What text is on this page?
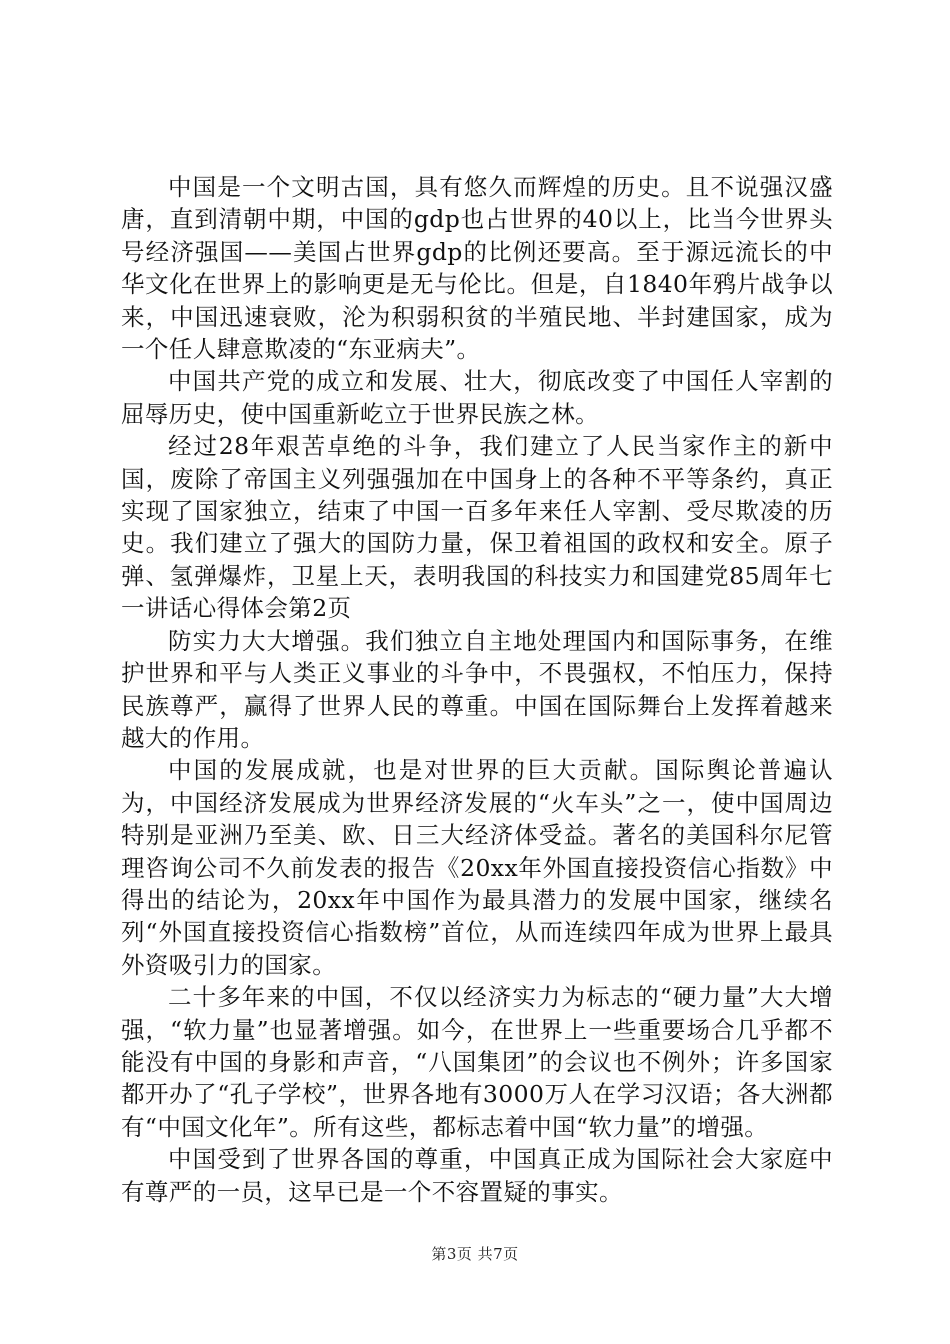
中国是一个文明古国，具有悠久而辉煌的历史。且不说强汉盛唐，直到清朝中期，中国的gdp也占世界的40以上，比当今世界头号经济强国——美国占世界gdp的比例还要高。至于源远流长的中华文化在世界上的影响更是无与伦比。但是，自1840年鸦片战争以来，中国迅速衰败，沦为积弱积贫的半殖民地、半封建国家，成为一个任人肆意欺凌的“东亚病夫”。

中国共产党的成立和发展、壮大，彻底改变了中国任人宰割的屈辱历史，使中国重新屹立于世界民族之林。

经过28年艰苦卓绝的斗争，我们建立了人民当家作主的新中国，废除了帝国主义列强强加在中国身上的各种不平等条约，真正实现了国家独立，结束了中国一百多年来任人宰割、受尽欺凌的历史。我们建立了强大的国防力量，保卫着祖国的政权和安全。原子弹、氢弹爆炸，卫星上天，表明我国的科技实力和国建党85周年七一讲话心得体会第2页

防实力大大增强。我们独立自主地处理国内和国际事务，在维护世界和平与人类正义事业的斗争中，不畏强权，不怕压力，保持民族尊严，赢得了世界人民的尊重。中国在国际舞台上发挥着越来越大的作用。

中国的发展成就，也是对世界的巨大贡献。国际舆论普遍认为，中国经济发展成为世界经济发展的“火车头”之一，使中国周边特别是亚洲乃至美、欧、日三大经济体受益。著名的美国科尔尼管理咨询公司不久前发表的报告《20xx年外国直接投资信心指数》中得出的结论为，20xx年中国作为最具潜力的发展中国家，继续名列“外国直接投资信心指数榜”首位，从而连续四年成为世界上最具外资吸引力的国家。

二十多年来的中国，不仅以经济实力为标志的“硬力量”大大增强，“软力量”也显著增强。如今，在世界上一些重要场合几乎都不能没有中国的身影和声音，“八国集团”的会议也不例外；许多国家都开办了“孔子学校”，世界各地有3000万人在学习汉语；各大洲都有“中国文化年”。所有这些，都标志着中国“软力量”的增强。

中国受到了世界各国的尊重，中国真正成为国际社会大家庭中有尊严的一员，这早已是一个不容置疑的事实。

第3页 共7页
